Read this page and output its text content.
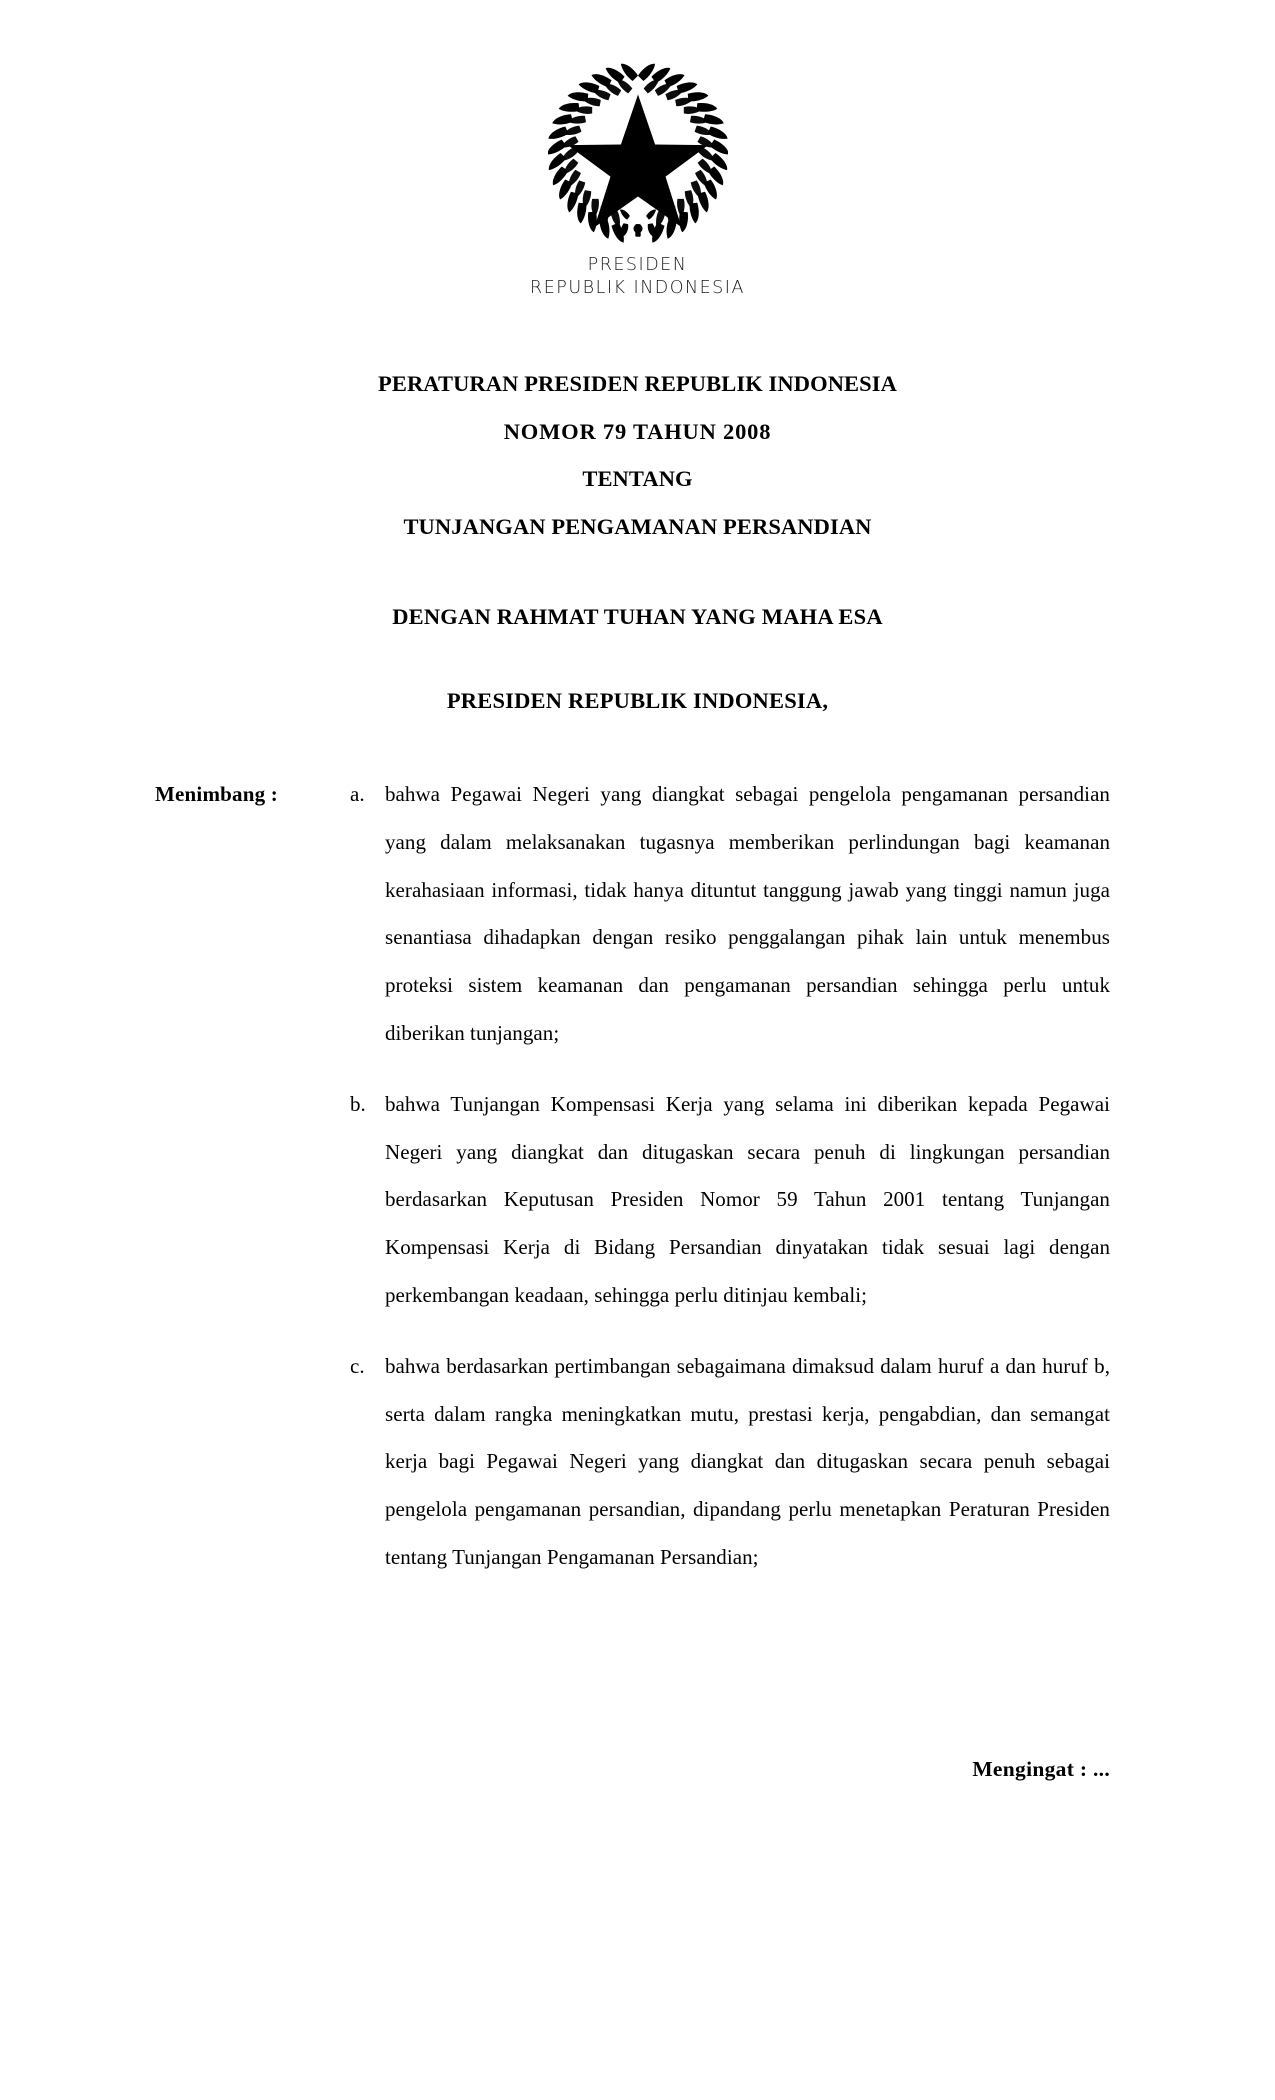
PRESIDEN
REPUBLIK INDONESIA
PERATURAN PRESIDEN REPUBLIK INDONESIA
NOMOR 79 TAHUN 2008
TENTANG
TUNJANGAN PENGAMANAN PERSANDIAN
DENGAN RAHMAT TUHAN YANG MAHA ESA
PRESIDEN REPUBLIK INDONESIA,
Menimbang :	a. bahwa Pegawai Negeri yang diangkat sebagai pengelola pengamanan persandian yang dalam melaksanakan tugasnya memberikan perlindungan bagi keamanan kerahasiaan informasi, tidak hanya dituntut tanggung jawab yang tinggi namun juga senantiasa dihadapkan dengan resiko penggalangan pihak lain untuk menembus proteksi sistem keamanan dan pengamanan persandian sehingga perlu untuk diberikan tunjangan;
b. bahwa Tunjangan Kompensasi Kerja yang selama ini diberikan kepada Pegawai Negeri yang diangkat dan ditugaskan secara penuh di lingkungan persandian berdasarkan Keputusan Presiden Nomor 59 Tahun 2001 tentang Tunjangan Kompensasi Kerja di Bidang Persandian dinyatakan tidak sesuai lagi dengan perkembangan keadaan, sehingga perlu ditinjau kembali;
c. bahwa berdasarkan pertimbangan sebagaimana dimaksud dalam huruf a dan huruf b, serta dalam rangka meningkatkan mutu, prestasi kerja, pengabdian, dan semangat kerja bagi Pegawai Negeri yang diangkat dan ditugaskan secara penuh sebagai pengelola pengamanan persandian, dipandang perlu menetapkan Peraturan Presiden tentang Tunjangan Pengamanan Persandian;
Mengingat : ...
